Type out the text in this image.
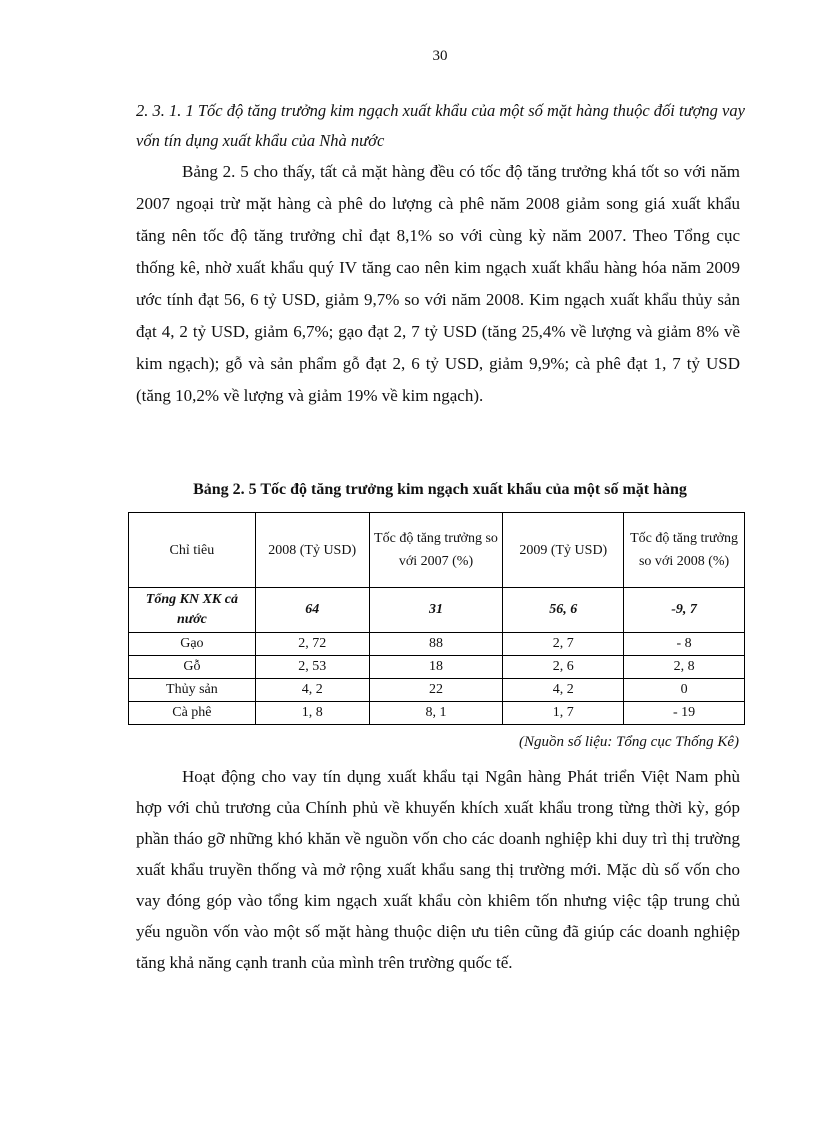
30
2. 3. 1. 1 Tốc độ tăng trưởng kim ngạch xuất khẩu của một số mặt hàng thuộc đối tượng vay vốn tín dụng xuất khẩu của Nhà nước
Bảng 2. 5 cho thấy, tất cả mặt hàng đều có tốc độ tăng trưởng khá tốt so với năm 2007 ngoại trừ mặt hàng cà phê do lượng cà phê năm 2008 giảm song giá xuất khẩu tăng nên tốc độ tăng trưởng chỉ đạt 8,1% so với cùng kỳ năm 2007. Theo Tổng cục thống kê, nhờ xuất khẩu quý IV tăng cao nên kim ngạch xuất khẩu hàng hóa năm 2009 ước tính đạt 56, 6 tỷ USD, giảm 9,7% so với năm 2008. Kim ngạch xuất khẩu thủy sản đạt 4, 2 tỷ USD, giảm 6,7%; gạo đạt 2, 7 tỷ USD (tăng 25,4% về lượng và giảm 8% về kim ngạch); gỗ và sản phẩm gỗ đạt 2, 6 tỷ USD, giảm 9,9%; cà phê đạt 1, 7 tỷ USD (tăng 10,2% về lượng và giảm 19% về kim ngạch).
Bảng 2. 5 Tốc độ tăng trưởng kim ngạch xuất khẩu của một số mặt hàng
Chỉ tiêu	2008 (Tỷ USD)	Tốc độ tăng trưởng so với 2007 (%)	2009 (Tỷ USD)	Tốc độ tăng trưởng so với 2008 (%)
Tổng KN XK cả nước	64	31	56, 6	-9, 7
Gạo	2, 72	88	2, 7	- 8
Gỗ	2, 53	18	2, 6	2, 8
Thủy sản	4, 2	22	4, 2	0
Cà phê	1, 8	8, 1	1, 7	- 19
(Nguồn số liệu: Tổng cục Thống Kê)
Hoạt động cho vay tín dụng xuất khẩu tại Ngân hàng Phát triển Việt Nam phù hợp với chủ trương của Chính phủ về khuyến khích xuất khẩu trong từng thời kỳ, góp phần tháo gỡ những khó khăn về nguồn vốn cho các doanh nghiệp khi duy trì thị trường xuất khẩu truyền thống và mở rộng xuất khẩu sang thị trường mới. Mặc dù số vốn cho vay đóng góp vào tổng kim ngạch xuất khẩu còn khiêm tốn nhưng việc tập trung chủ yếu nguồn vốn vào một số mặt hàng thuộc diện ưu tiên cũng đã giúp các doanh nghiệp tăng khả năng cạnh tranh của mình trên trường quốc tế.
